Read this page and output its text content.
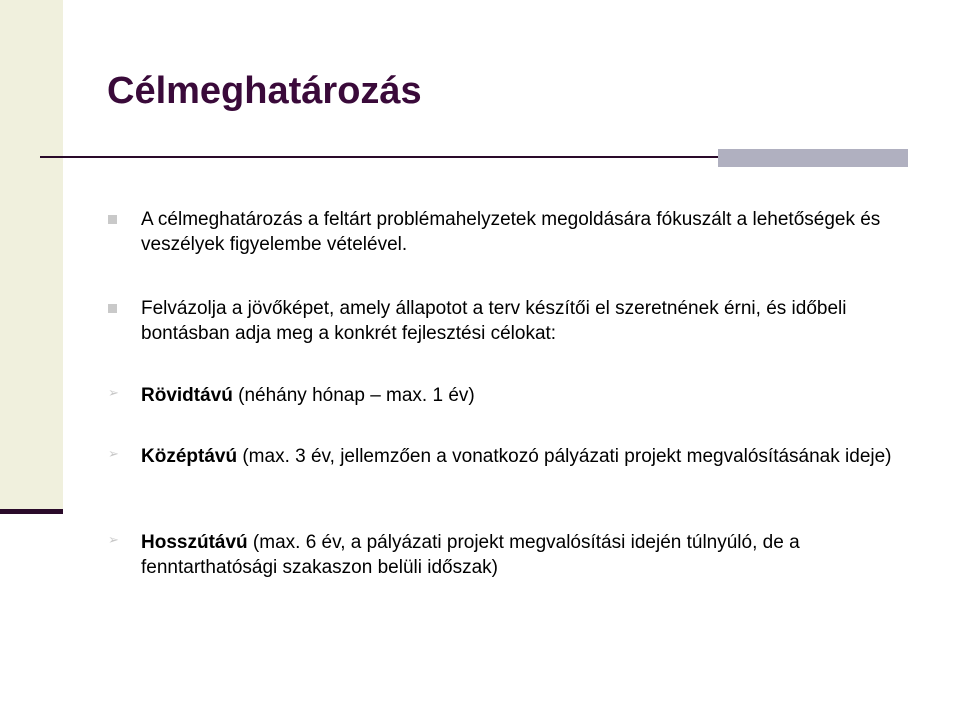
Célmeghatározás
A célmeghatározás a feltárt problémahelyzetek megoldására fókuszált a lehetőségek és veszélyek figyelembe vételével.
Felvázolja a jövőképet, amely állapotot a terv készítői el szeretnének érni, és időbeli bontásban adja meg a konkrét fejlesztési célokat:
➢ Rövidtávú (néhány hónap – max. 1 év)
➢ Középtávú (max. 3 év, jellemzően a vonatkozó pályázati projekt megvalósításának ideje)
➢ Hosszútávú (max. 6 év, a pályázati projekt megvalósítási idején túlnyúló, de a fenntarthatósági szakaszon belüli időszak)
